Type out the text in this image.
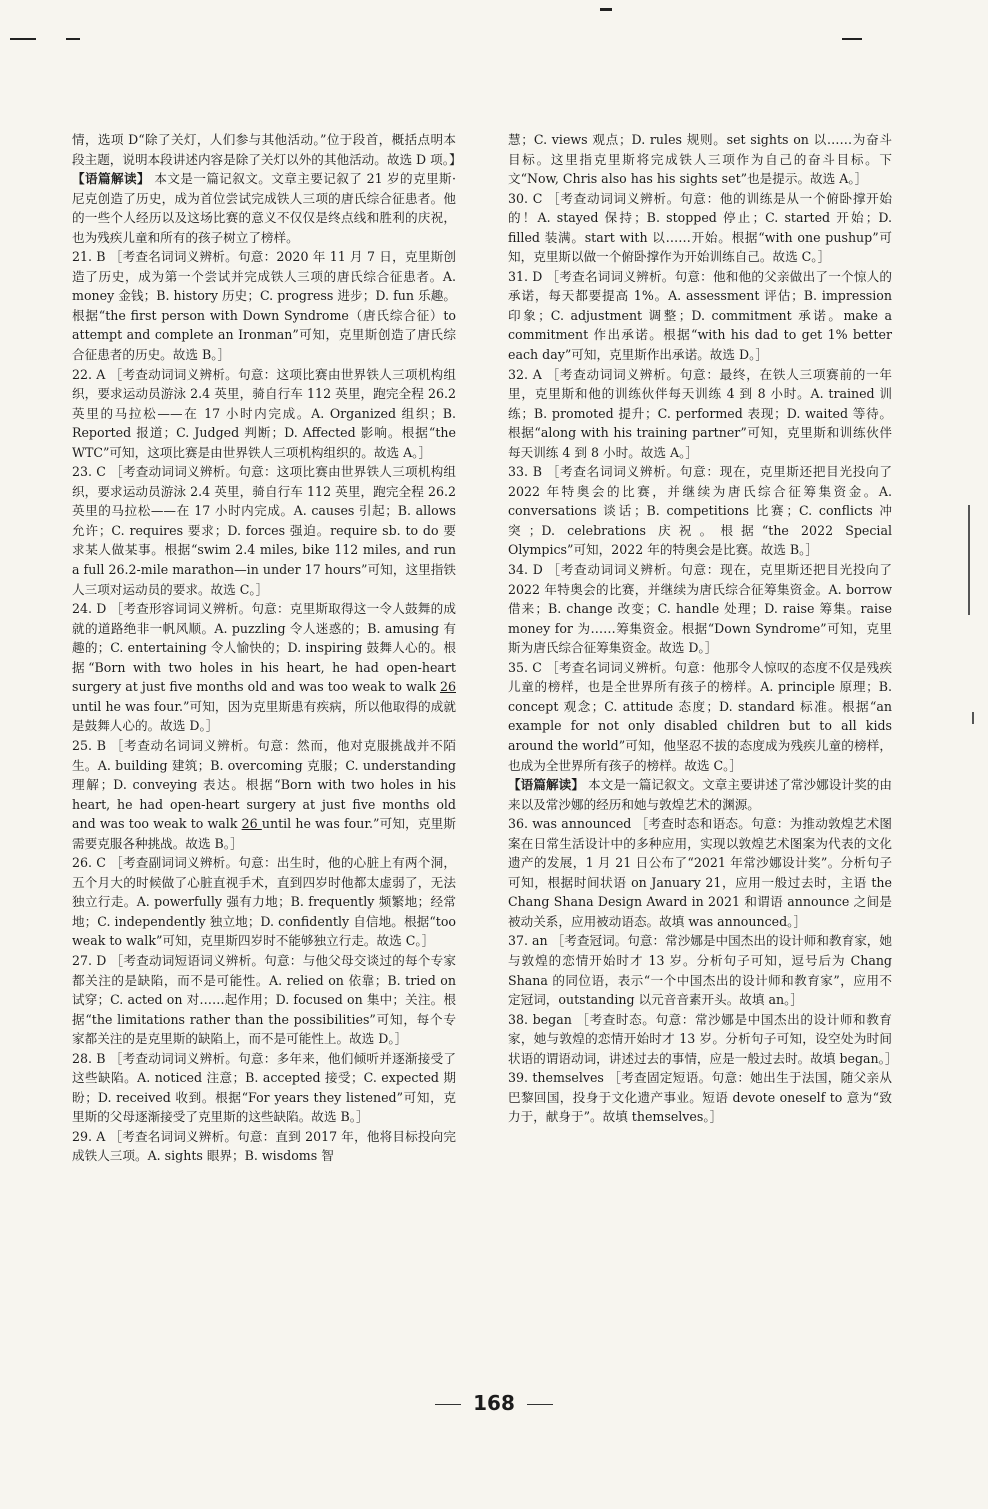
情，选项 D“除了关灯，人们参与其他活动。”位于段首，概括点明本段主题，说明本段讲述内容是除了关灯以外的其他活动。故选 D 项。】
【语篇解读】 本文是一篇记叙文。文章主要记叙了 21 岁的克里斯·尼克创造了历史，成为首位尝试完成铁人三项的唐氏综合征患者。他的一些个人经历以及这场比赛的意义不仅仅是终点线和胜利的庆祝，也为残疾儿童和所有的孩子树立了榜样。
21. B ［考查名词词义辨析。句意：2020 年 11 月 7 日，克里斯创造了历史，成为第一个尝试并完成铁人三项的唐氏综合征患者。A. money 金钱；B. history 历史；C. progress 进步；D. fun 乐趣。根据“the first person with Down Syndrome（唐氏综合征）to attempt and complete an Ironman”可知，克里斯创造了唐氏综合征患者的历史。故选 B。］
22. A ［考查动词词义辨析。句意：这项比赛由世界铁人三项机构组织，要求运动员游泳 2.4 英里，骑自行车 112 英里，跑完全程 26.2 英里的马拉松——在 17 小时内完成。A. Organized 组织；B. Reported 报道；C. Judged 判断；D. Affected 影响。根据“the WTC”可知，这项比赛是由世界铁人三项机构组织的。故选 A。］
23. C ［考查动词词义辨析。句意：这项比赛由世界铁人三项机构组织，要求运动员游泳 2.4 英里，骑自行车 112 英里，跑完全程 26.2 英里的马拉松——在 17 小时内完成。A. causes 引起；B. allows 允许；C. requires 要求；D. forces 强迫。require sb. to do 要求某人做某事。根据“swim 2.4 miles, bike 112 miles, and run a full 26.2-mile marathon—in under 17 hours”可知，这里指铁人三项对运动员的要求。故选 C。］
24. D ［考查形容词词义辨析。句意：克里斯取得这一令人鼓舞的成就的道路绝非一帆风顺。A. puzzling 令人迷惑的；B. amusing 有趣的；C. entertaining 令人愉快的；D. inspiring 鼓舞人心的。根据“Born with two holes in his heart, he had open-heart surgery at just five months old and was too weak to walk 26 until he was four.”可知，因为克里斯患有疾病，所以他取得的成就是鼓舞人心的。故选 D。］
25. B ［考查动名词词义辨析。句意：然而，他对克服挑战并不陌生。A. building 建筑；B. overcoming 克服；C. understanding 理解；D. conveying 表达。根据“Born with two holes in his heart, he had open-heart surgery at just five months old and was too weak to walk 26 until he was four.”可知，克里斯需要克服各种挑战。故选 B。］
26. C ［考查副词词义辨析。句意：出生时，他的心脏上有两个洞，五个月大的时候做了心脏直视手术，直到四岁时他都太虚弱了，无法独立行走。A. powerfully 强有力地；B. frequently 频繁地；经常地；C. independently 独立地；D. confidently 自信地。根据“too weak to walk”可知，克里斯四岁时不能够独立行走。故选 C。］
27. D ［考查动词短语词义辨析。句意：与他父母交谈过的每个专家都关注的是缺陷，而不是可能性。A. relied on 依靠；B. tried on 试穿；C. acted on 对……起作用；D. focused on 集中；关注。根据“the limitations rather than the possibilities”可知，每个专家都关注的是克里斯的缺陷上，而不是可能性上。故选 D。］
28. B ［考查动词词义辨析。句意：多年来，他们倾听并逐渐接受了这些缺陷。A. noticed 注意；B. accepted 接受；C. expected 期盼；D. received 收到。根据“For years they listened”可知，克里斯的父母逐渐接受了克里斯的这些缺陷。故选 B。］
29. A ［考查名词词义辨析。句意：直到 2017 年，他将目标投向完成铁人三项。A. sights 眼界；B. wisdoms 智
慧；C. views 观点；D. rules 规则。set sights on 以……为奋斗目标。这里指克里斯将完成铁人三项作为自己的奋斗目标。下文“Now, Chris also has his sights set”也是提示。故选 A。］
30. C ［考查动词词义辨析。句意：他的训练是从一个俯卧撑开始的！A. stayed 保持；B. stopped 停止；C. started 开始；D. filled 装满。start with 以……开始。根据“with one pushup”可知，克里斯以做一个俯卧撑作为开始训练自己。故选 C。］
31. D ［考查名词词义辨析。句意：他和他的父亲做出了一个惊人的承诺，每天都要提高 1%。A. assessment 评估；B. impression 印象；C. adjustment 调整；D. commitment 承诺。make a commitment 作出承诺。根据“with his dad to get 1% better each day”可知，克里斯作出承诺。故选 D。］
32. A ［考查动词词义辨析。句意：最终，在铁人三项赛前的一年里，克里斯和他的训练伙伴每天训练 4 到 8 小时。A. trained 训练；B. promoted 提升；C. performed 表现；D. waited 等待。根据“along with his training partner”可知，克里斯和训练伙伴每天训练 4 到 8 小时。故选 A。］
33. B ［考查名词词义辨析。句意：现在，克里斯还把目光投向了 2022 年特奥会的比赛，并继续为唐氏综合征筹集资金。A. conversations 谈话；B. competitions 比赛；C. conflicts 冲突；D. celebrations 庆祝。根据“the 2022 Special Olympics”可知，2022 年的特奥会是比赛。故选 B。］
34. D ［考查动词词义辨析。句意：现在，克里斯还把目光投向了 2022 年特奥会的比赛，并继续为唐氏综合征筹集资金。A. borrow 借来；B. change 改变；C. handle 处理；D. raise 筹集。raise money for 为……筹集资金。根据“Down Syndrome”可知，克里斯为唐氏综合征筹集资金。故选 D。］
35. C ［考查名词词义辨析。句意：他那令人惊叹的态度不仅是残疾儿童的榜样，也是全世界所有孩子的榜样。A. principle 原理；B. concept 观念；C. attitude 态度；D. standard 标准。根据“an example for not only disabled children but to all kids around the world”可知，他坚忍不拔的态度成为残疾儿童的榜样，也成为全世界所有孩子的榜样。故选 C。］
【语篇解读】 本文是一篇记叙文。文章主要讲述了常沙娜设计奖的由来以及常沙娜的经历和她与敦煌艺术的渊源。
36. was announced ［考查时态和语态。句意：为推动敦煌艺术图案在日常生活设计中的多种应用，实现以敦煌艺术图案为代表的文化遗产的发展，1 月 21 日公布了“2021 年常沙娜设计奖”。分析句子可知，根据时间状语 on January 21，应用一般过去时，主语 the Chang Shana Design Award in 2021 和谓语 announce 之间是被动关系，应用被动语态。故填 was announced。］
37. an ［考查冠词。句意：常沙娜是中国杰出的设计师和教育家，她与敦煌的恋情开始时才 13 岁。分析句子可知，逗号后为 Chang Shana 的同位语，表示“一个中国杰出的设计师和教育家”，应用不定冠词，outstanding 以元音音素开头。故填 an。］
38. began ［考查时态。句意：常沙娜是中国杰出的设计师和教育家，她与敦煌的恋情开始时才 13 岁。分析句子可知，设空处为时间状语的谓语动词，讲述过去的事情，应是一般过去时。故填 began。］
39. themselves ［考查固定短语。句意：她出生于法国，随父亲从巴黎回国，投身于文化遗产事业。短语 devote oneself to 意为“致力于，献身于”。故填 themselves。］
168
